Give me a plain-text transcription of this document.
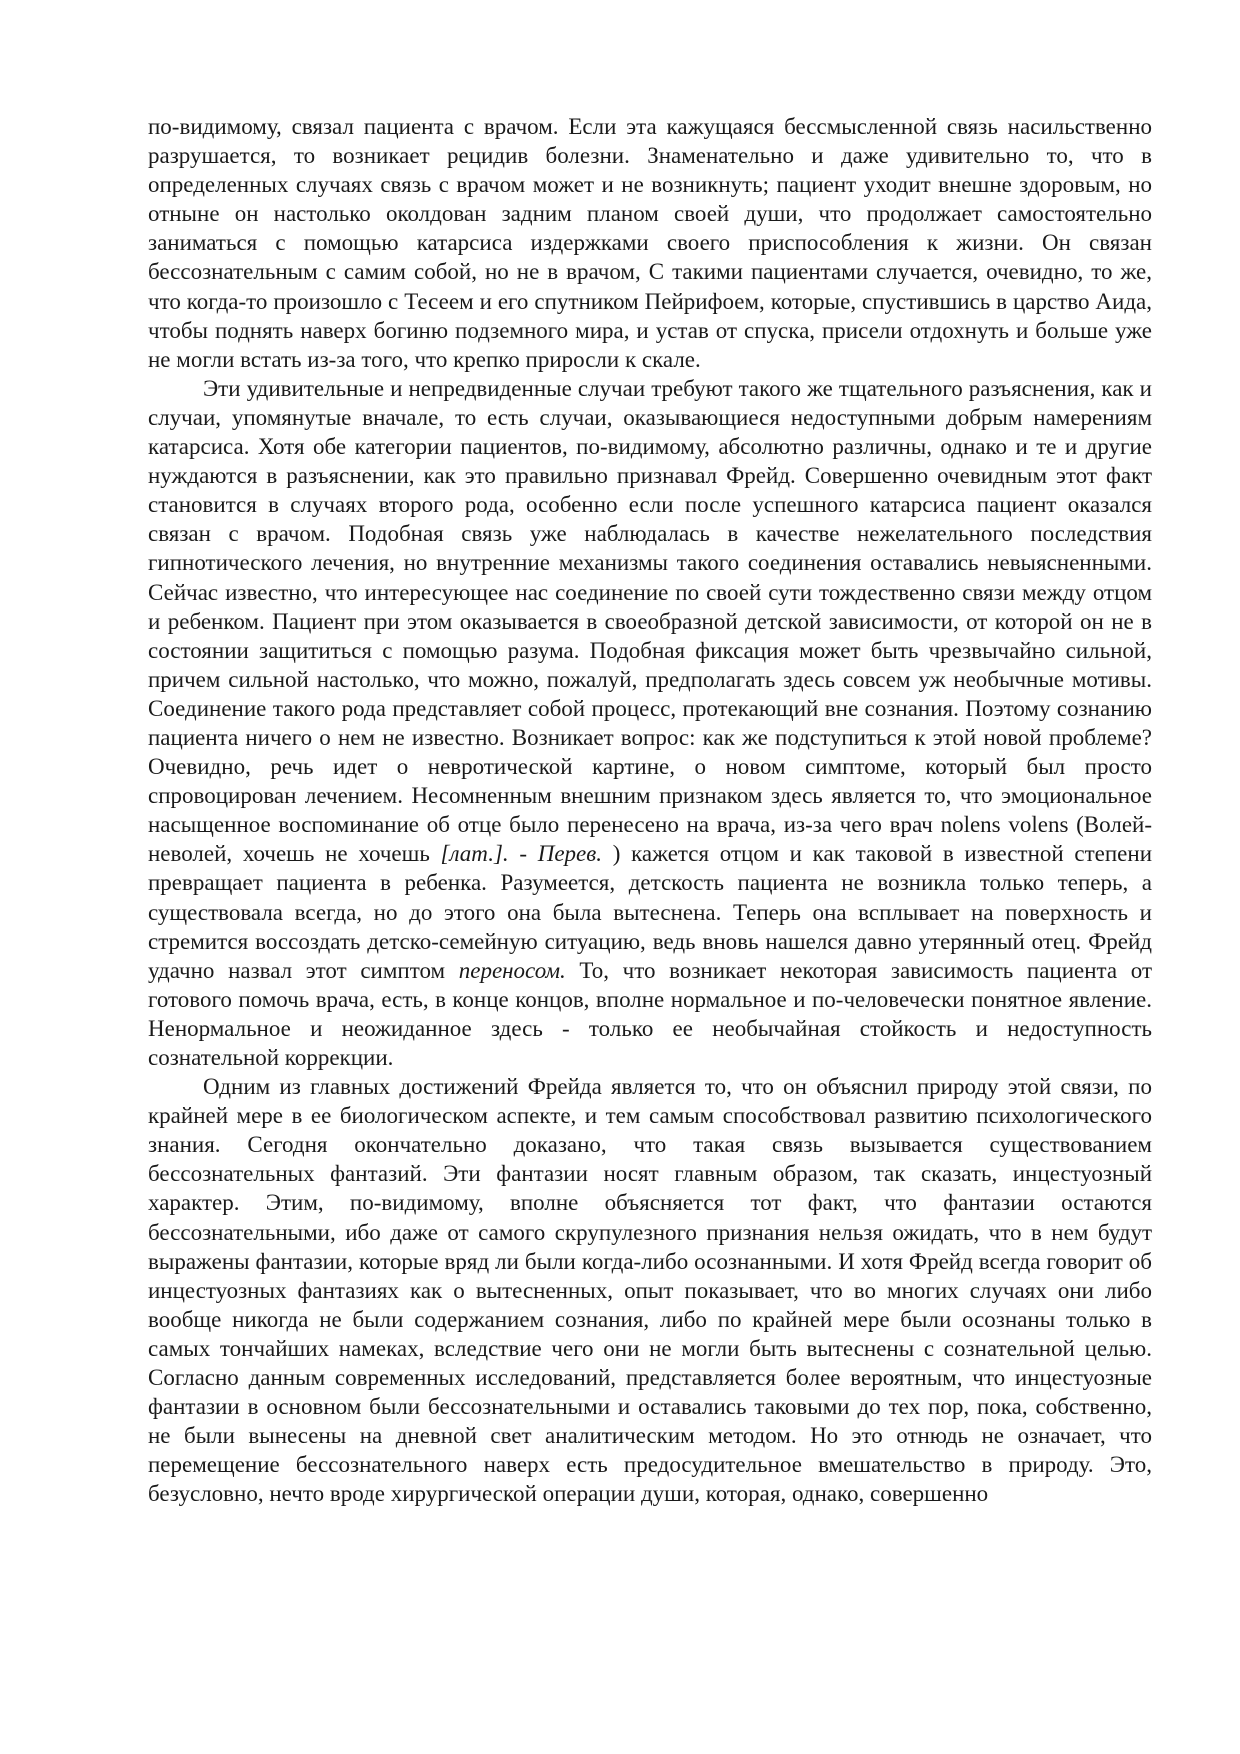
по-видимому, связал пациента с врачом. Если эта кажущаяся бессмысленной связь насильственно разрушается, то возникает рецидив болезни. Знаменательно и даже удивительно то, что в определенных случаях связь с врачом может и не возникнуть; пациент уходит внешне здоровым, но отныне он настолько околдован задним планом своей души, что продолжает самостоятельно заниматься с помощью катарсиса издержками своего приспособления к жизни. Он связан бессознательным с самим собой, но не в врачом, С такими пациентами случается, очевидно, то же, что когда-то произошло с Тесеем и его спутником Пейрифоем, которые, спустившись в царство Аида, чтобы поднять наверх богиню подземного мира, и устав от спуска, присели отдохнуть и больше уже не могли встать из-за того, что крепко приросли к скале.

Эти удивительные и непредвиденные случаи требуют такого же тщательного разъяснения, как и случаи, упомянутые вначале, то есть случаи, оказывающиеся недоступными добрым намерениям катарсиса. Хотя обе категории пациентов, по-видимому, абсолютно различны, однако и те и другие нуждаются в разъяснении, как это правильно признавал Фрейд. Совершенно очевидным этот факт становится в случаях второго рода, особенно если после успешного катарсиса пациент оказался связан с врачом. Подобная связь уже наблюдалась в качестве нежелательного последствия гипнотического лечения, но внутренние механизмы такого соединения оставались невыясненными. Сейчас известно, что интересующее нас соединение по своей сути тождественно связи между отцом и ребенком. Пациент при этом оказывается в своеобразной детской зависимости, от которой он не в состоянии защититься с помощью разума. Подобная фиксация может быть чрезвычайно сильной, причем сильной настолько, что можно, пожалуй, предполагать здесь совсем уж необычные мотивы. Соединение такого рода представляет собой процесс, протекающий вне сознания. Поэтому сознанию пациента ничего о нем не известно. Возникает вопрос: как же подступиться к этой новой проблеме? Очевидно, речь идет о невротической картине, о новом симптоме, который был просто спровоцирован лечением. Несомненным внешним признаком здесь является то, что эмоциональное насыщенное воспоминание об отце было перенесено на врача, из-за чего врач nolens volens (Волей-неволей, хочешь не хочешь [лат.]. - Перев. ) кажется отцом и как таковой в известной степени превращает пациента в ребенка. Разумеется, детскость пациента не возникла только теперь, а существовала всегда, но до этого она была вытеснена. Теперь она всплывает на поверхность и стремится воссоздать детско-семейную ситуацию, ведь вновь нашелся давно утерянный отец. Фрейд удачно назвал этот симптом переносом. То, что возникает некоторая зависимость пациента от готового помочь врача, есть, в конце концов, вполне нормальное и по-человечески понятное явление. Ненормальное и неожиданное здесь - только ее необычайная стойкость и недоступность сознательной коррекции.

Одним из главных достижений Фрейда является то, что он объяснил природу этой связи, по крайней мере в ее биологическом аспекте, и тем самым способствовал развитию психологического знания. Сегодня окончательно доказано, что такая связь вызывается существованием бессознательных фантазий. Эти фантазии носят главным образом, так сказать, инцестуозный характер. Этим, по-видимому, вполне объясняется тот факт, что фантазии остаются бессознательными, ибо даже от самого скрупулезного признания нельзя ожидать, что в нем будут выражены фантазии, которые вряд ли были когда-либо осознанными. И хотя Фрейд всегда говорит об инцестуозных фантазиях как о вытесненных, опыт показывает, что во многих случаях они либо вообще никогда не были содержанием сознания, либо по крайней мере были осознаны только в самых тончайших намеках, вследствие чего они не могли быть вытеснены с сознательной целью. Согласно данным современных исследований, представляется более вероятным, что инцестуозные фантазии в основном были бессознательными и оставались таковыми до тех пор, пока, собственно, не были вынесены на дневной свет аналитическим методом. Но это отнюдь не означает, что перемещение бессознательного наверх есть предосудительное вмешательство в природу. Это, безусловно, нечто вроде хирургической операции души, которая, однако, совершенно
